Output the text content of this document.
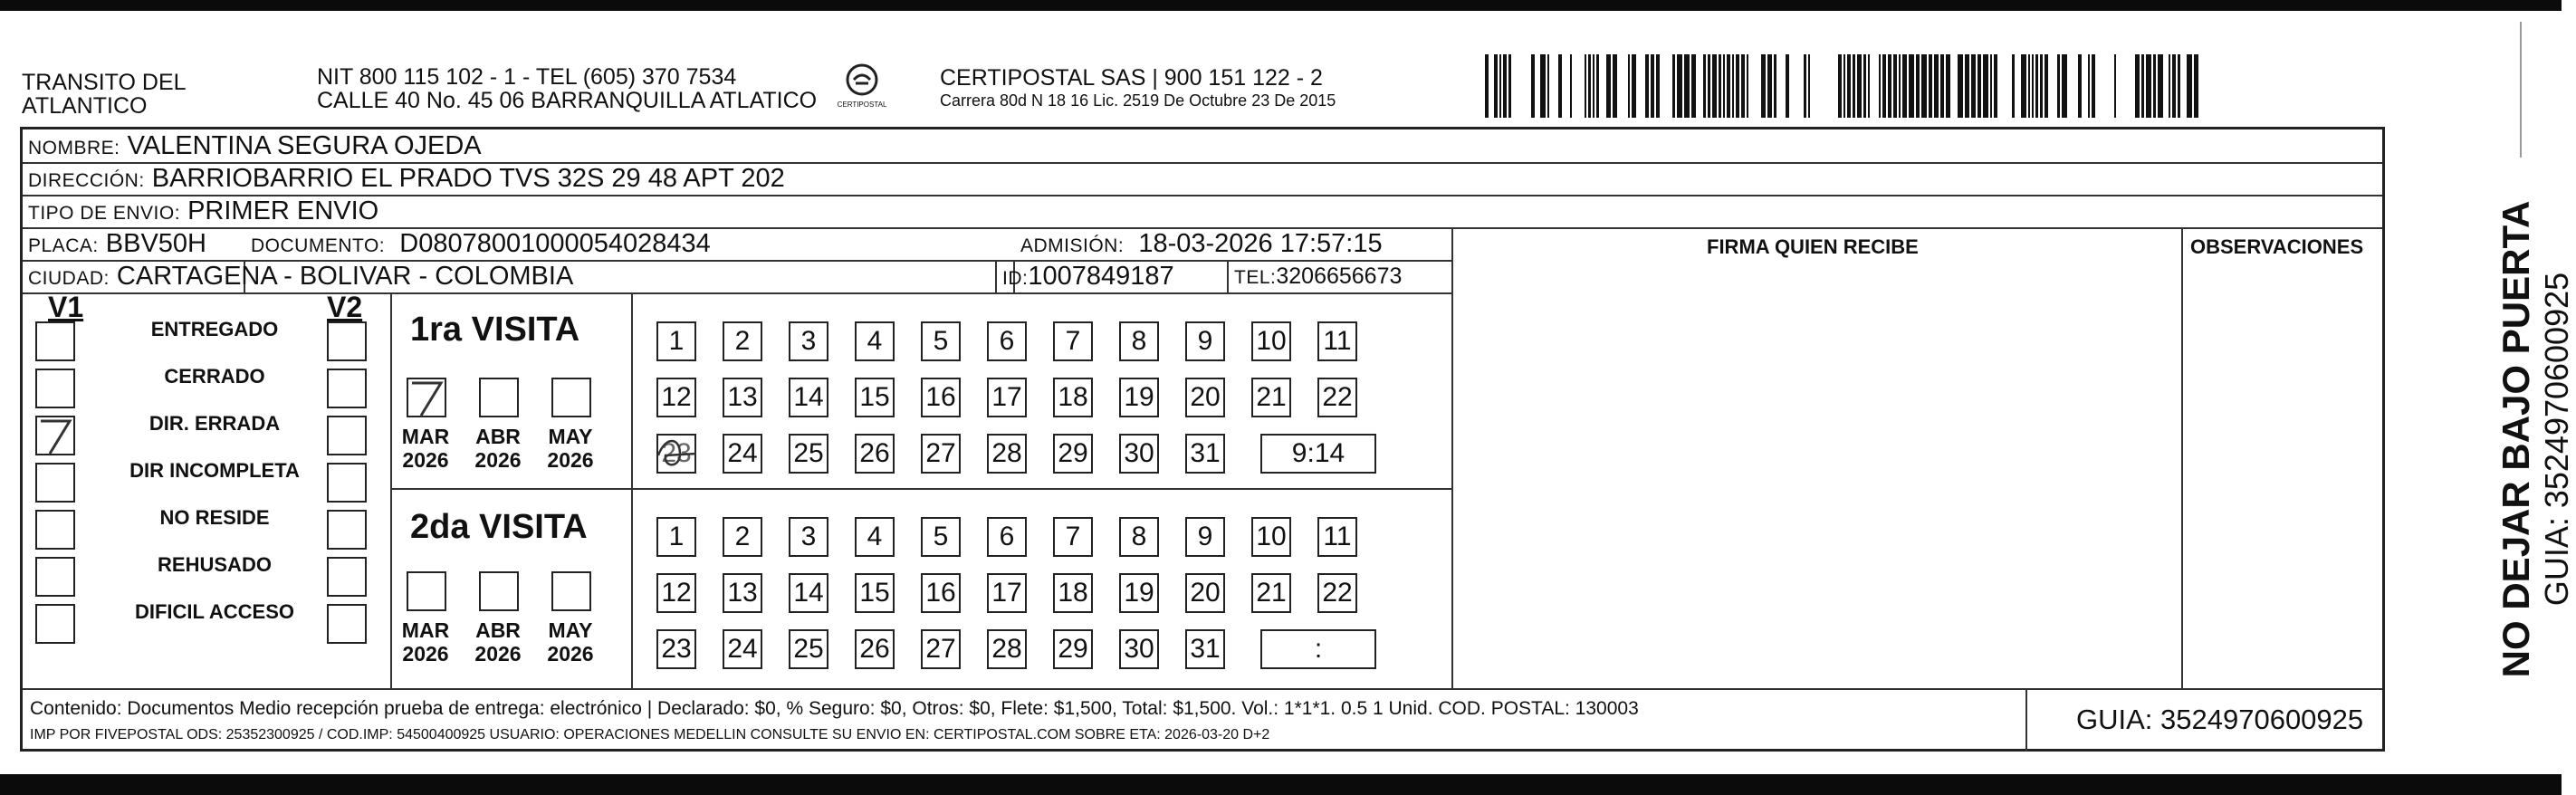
TRANSITO DEL
ATLANTICO
NIT 800 115 102 - 1 - TEL (605) 370 7534
CALLE 40 No. 45 06 BARRANQUILLA ATLATICO	CERTIPOSTAL
CERTIPOSTAL SAS | 900 151 122 - 2
Carrera 80d N 18 16 Lic. 2519 De Octubre 23 De 2015
NOMBRE: VALENTINA SEGURA OJEDA
DIRECCIÓN: BARRIOBARRIO EL PRADO TVS 32S 29 48 APT 202
TIPO DE ENVIO: PRIMER ENVIO
PLACA: BBV50H DOCUMENTO: D08078001000054028434	ADMISIÓN: 18-03-2026 17:57:15
CIUDAD: CARTAGENA - BOLIVAR - COLOMBIA	ID:1007849187	TEL:3206656673
FIRMA QUIEN RECIBE	OBSERVACIONES
V1	V2
ENTREGADO
CERRADO
DIR. ERRADA
DIR INCOMPLETA
NO RESIDE
REHUSADO
DIFICIL ACCESO
1ra VISITA
MAR
2026
ABR
2026
MAY
2026
1	2	3	4	5	6	7	8	9	10 11
12 13 14 15 16 17 18 19 20 21 22
23 24 25 26 27 28 29 30 31	9:14
2da VISITA
MAR
2026
ABR
2026
MAY
2026
1	2	3	4	5	6	7	8	9	10 11
12 13 14 15 16 17 18 19 20 21 22
23 24 25 26 27 28 29 30 31	:
Contenido: Documentos Medio recepción prueba de entrega: electrónico | Declarado: $0, % Seguro: $0, Otros: $0, Flete: $1,500, Total: $1,500. Vol.: 1*1*1. 0.5 1 Unid. COD. POSTAL: 130003
IMP POR FIVEPOSTAL ODS: 25352300925 / COD.IMP: 54500400925 USUARIO: OPERACIONES MEDELLIN CONSULTE SU ENVIO EN: CERTIPOSTAL.COM SOBRE ETA: 2026-03-20 D+2	GUIA: 3524970600925
NO DEJAR BAJO PUERTA GUIA: 3524970600925
